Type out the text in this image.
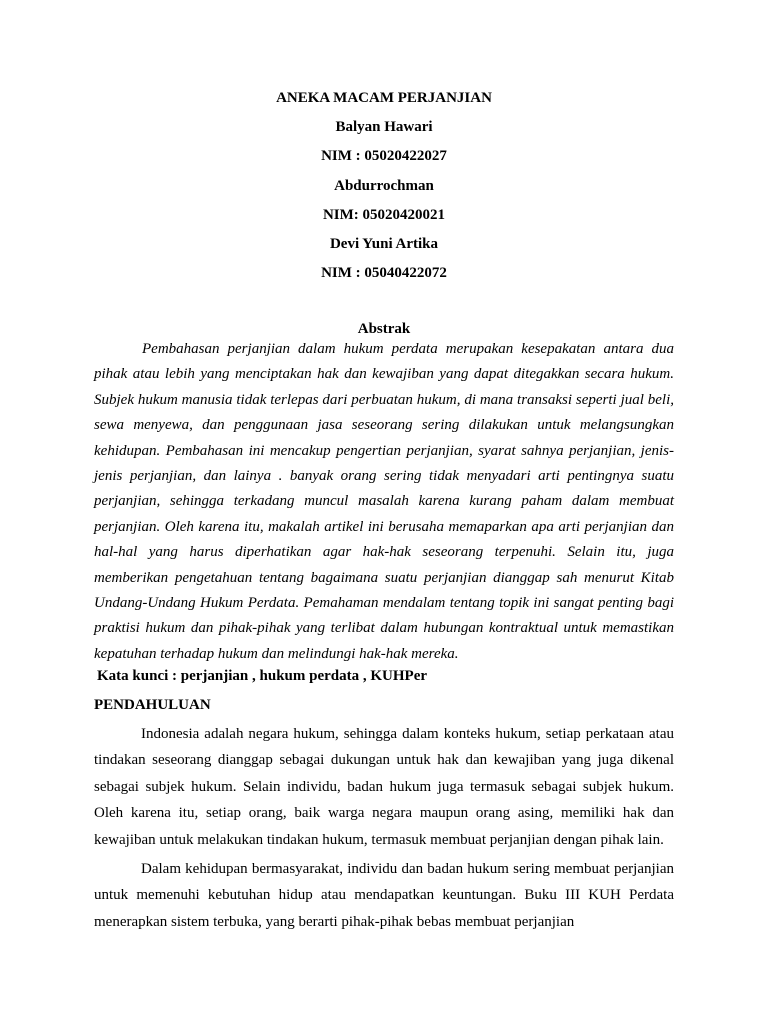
ANEKA MACAM PERJANJIAN
Balyan Hawari
NIM : 05020422027
Abdurrochman
NIM: 05020420021
Devi Yuni Artika
NIM : 05040422072
Abstrak

Pembahasan perjanjian dalam hukum perdata merupakan kesepakatan antara dua pihak atau lebih yang menciptakan hak dan kewajiban yang dapat ditegakkan secara hukum. Subjek hukum manusia tidak terlepas dari perbuatan hukum, di mana transaksi seperti jual beli, sewa menyewa, dan penggunaan jasa seseorang sering dilakukan untuk melangsungkan kehidupan. Pembahasan ini mencakup pengertian perjanjian, syarat sahnya perjanjian, jenis-jenis perjanjian, dan lainya . banyak orang sering tidak menyadari arti pentingnya suatu perjanjian, sehingga terkadang muncul masalah karena kurang paham dalam membuat perjanjian. Oleh karena itu, makalah artikel ini berusaha memaparkan apa arti perjanjian dan hal-hal yang harus diperhatikan agar hak-hak seseorang terpenuhi. Selain itu, juga memberikan pengetahuan tentang bagaimana suatu perjanjian dianggap sah menurut Kitab Undang-Undang Hukum Perdata. Pemahaman mendalam tentang topik ini sangat penting bagi praktisi hukum dan pihak-pihak yang terlibat dalam hubungan kontraktual untuk memastikan kepatuhan terhadap hukum dan melindungi hak-hak mereka.

Kata kunci : perjanjian , hukum perdata , KUHPer
PENDAHULUAN

Indonesia adalah negara hukum, sehingga dalam konteks hukum, setiap perkataan atau tindakan seseorang dianggap sebagai dukungan untuk hak dan kewajiban yang juga dikenal sebagai subjek hukum. Selain individu, badan hukum juga termasuk sebagai subjek hukum. Oleh karena itu, setiap orang, baik warga negara maupun orang asing, memiliki hak dan kewajiban untuk melakukan tindakan hukum, termasuk membuat perjanjian dengan pihak lain.

Dalam kehidupan bermasyarakat, individu dan badan hukum sering membuat perjanjian untuk memenuhi kebutuhan hidup atau mendapatkan keuntungan. Buku III KUH Perdata menerapkan sistem terbuka, yang berarti pihak-pihak bebas membuat perjanjian
